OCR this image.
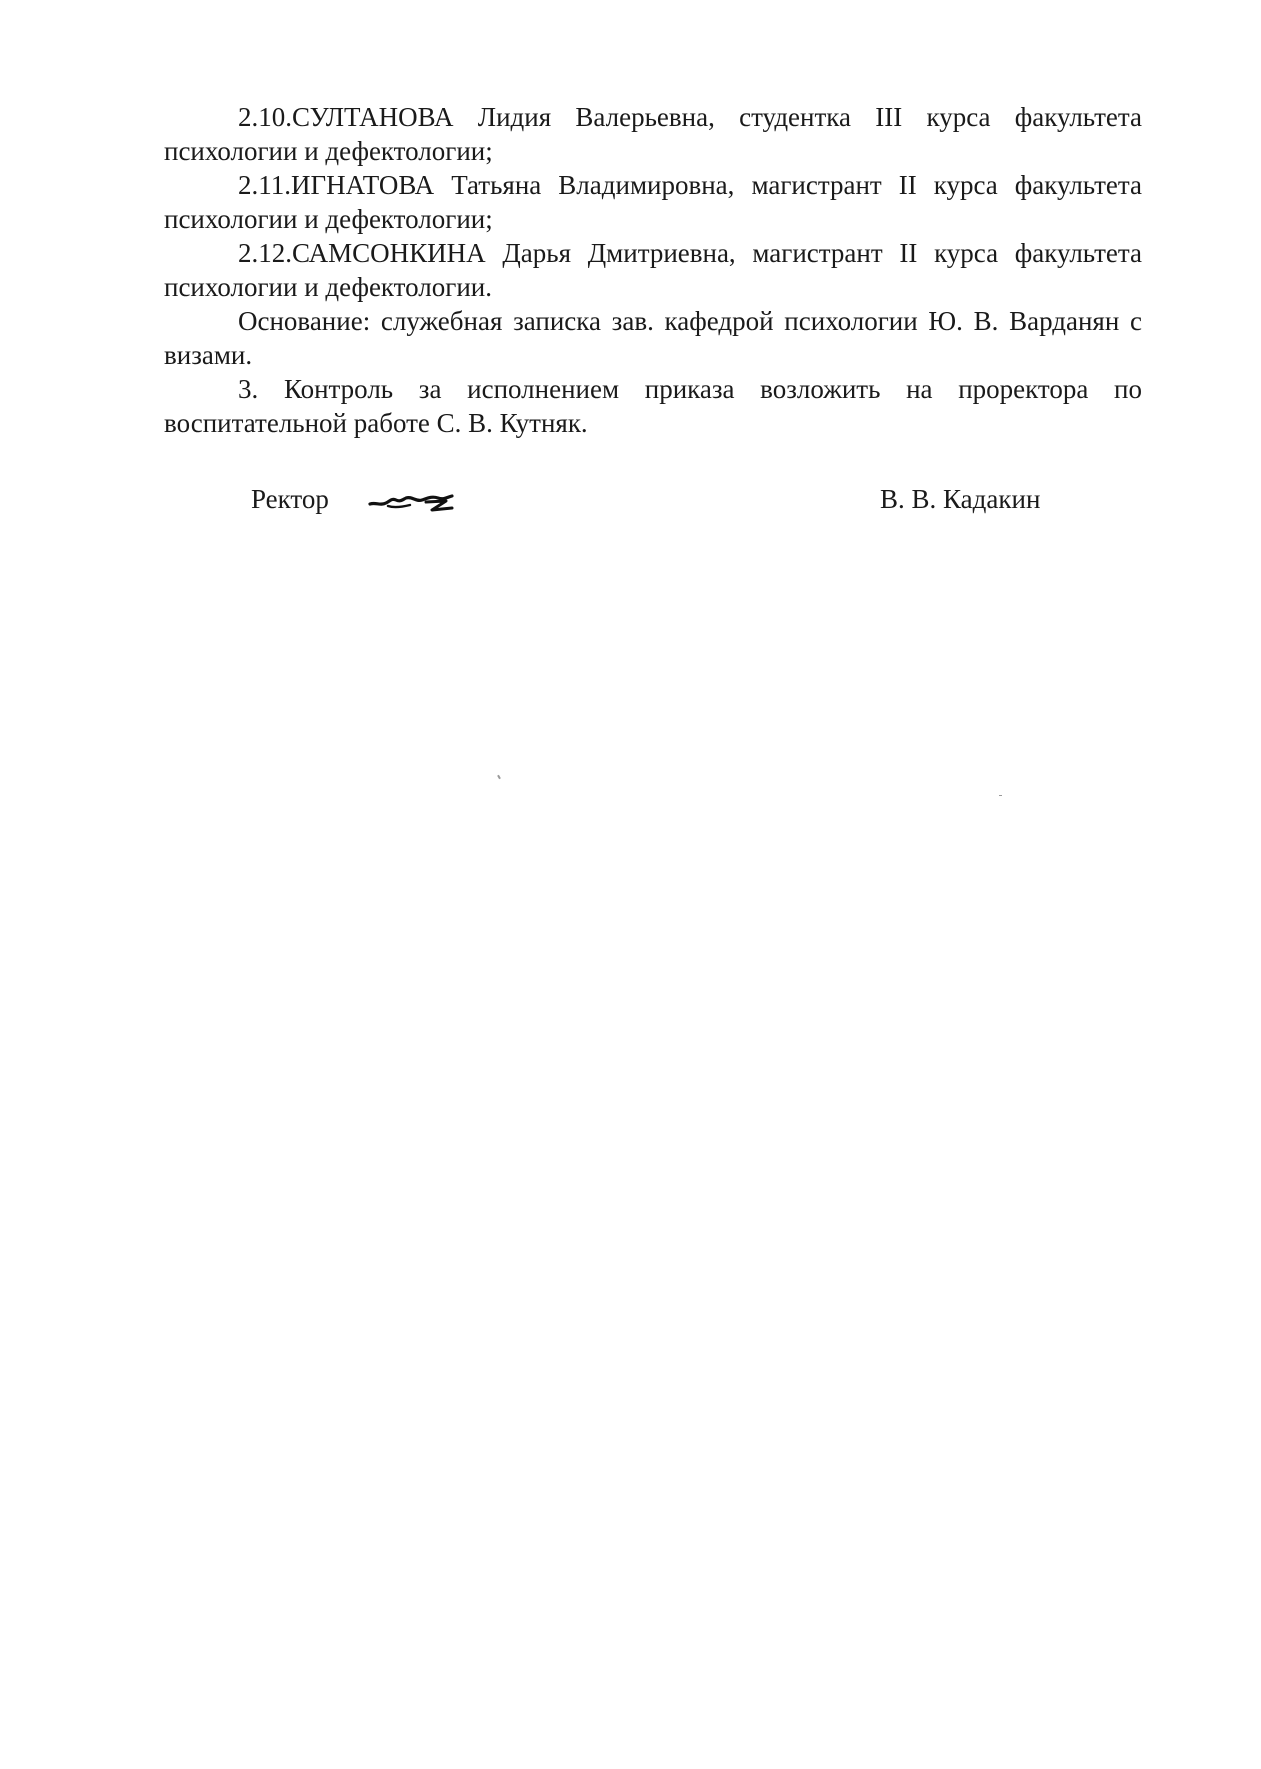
2.10.СУЛТАНОВА Лидия Валерьевна, студентка III курса факультета психологии и дефектологии;

2.11.ИГНАТОВА Татьяна Владимировна, магистрант II курса факультета психологии и дефектологии;

2.12.САМСОНКИНА Дарья Дмитриевна, магистрант II курса факультета психологии и дефектологии.

Основание: служебная записка зав. кафедрой психологии Ю. В. Варданян с визами.

3. Контроль за исполнением приказа возложить на проректора по воспитательной работе С. В. Кутняк.

Ректор	В. В. Кадакин
